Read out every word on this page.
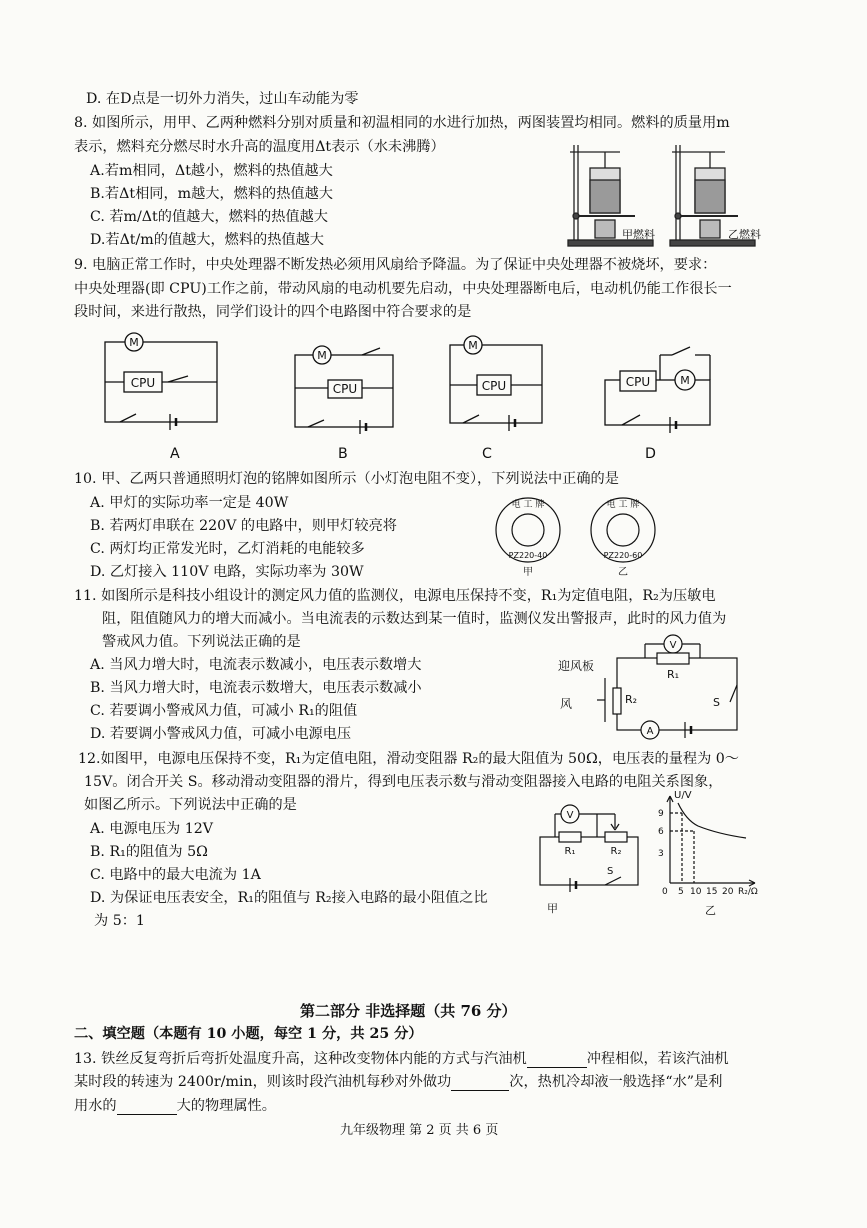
D. 在D点是一切外力消失，过山车动能为零
8. 如图所示，用甲、乙两种燃料分别对质量和初温相同的水进行加热，两图装置均相同。燃料的质量用m
表示，燃料充分燃尽时水升高的温度用Δt表示（水未沸腾）
A.若m相同，Δt越小，燃料的热值越大
B.若Δt相同，m越大，燃料的热值越大
C. 若m/Δt的值越大，燃料的热值越大
D.若Δt/m的值越大，燃料的热值越大	甲燃料	乙燃料
9. 电脑正常工作时，中央处理器不断发热必须用风扇给予降温。为了保证中央处理器不被烧坏，要求：
中央处理器(即 CPU)工作之前，带动风扇的电动机要先启动，中央处理器断电后，电动机仍能工作很长一
段时间，来进行散热，同学们设计的四个电路图中符合要求的是
M
CPU
A
M
CPU
B
M
CPU
C
M
CPU
D
10. 甲、乙两只普通照明灯泡的铭牌如图所示（小灯泡电阻不变），下列说法中正确的是
A. 甲灯的实际功率一定是 40W
B. 若两灯串联在 220V 的电路中，则甲灯较亮将
C. 两灯均正常发光时，乙灯消耗的电能较多
D. 乙灯接入 110V 电路，实际功率为 30W
电 工 牌
PZ220-40
电 工 牌
PZ220-60
甲	乙
11. 如图所示是科技小组设计的测定风力值的监测仪，电源电压保持不变，R₁为定值电阻，R₂为压敏电
阻，阻值随风力的增大而减小。当电流表的示数达到某一值时，监测仪发出警报声，此时的风力值为
警戒风力值。下列说法正确的是
A. 当风力增大时，电流表示数减小，电压表示数增大
B. 当风力增大时，电流表示数增大，电压表示数减小
C. 若要调小警戒风力值，可减小 R₁的阻值
D. 若要调小警戒风力值，可减小电源电压
迎风板
风
V
A
R₁
R₂	S
12.如图甲，电源电压保持不变，R₁为定值电阻，滑动变阻器 R₂的最大阻值为 50Ω，电压表的量程为 0～
15V。闭合开关 S。移动滑动变阻器的滑片，得到电压表示数与滑动变阻器接入电路的电阻关系图象，
如图乙所示。下列说法中正确的是
A. 电源电压为 12V
B. R₁的阻值为 5Ω
C. 电路中的最大电流为 1A
D. 为保证电压表安全，R₁的阻值与 R₂接入电路的最小阻值之比
为 5：1
V
R₁	R₂
S
甲
U/V
9
6
3
0 5 10 15 20 R₂/Ω
乙
第二部分 非选择题（共 76 分）
二、填空题（本题有 10 小题，每空 1 分，共 25 分）
13. 铁丝反复弯折后弯折处温度升高，这种改变物体内能的方式与汽油机	冲程相似，若该汽油机
某时段的转速为 2400r/min，则该时段汽油机每秒对外做功	次，热机冷却液一般选择“水”是利
用水的	大的物理属性。
九年级物理 第 2 页 共 6 页
